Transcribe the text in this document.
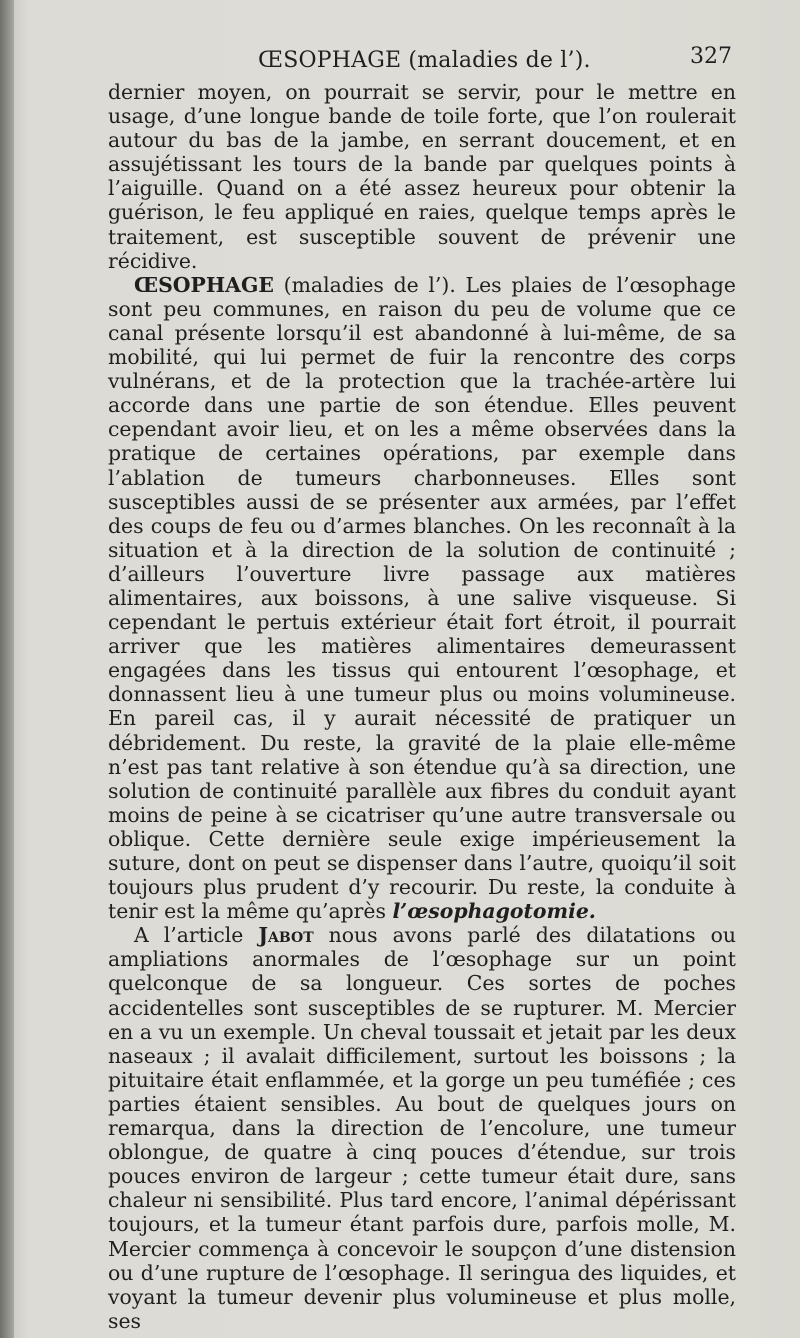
ŒSOPHAGE (maladies de l’).	327

dernier moyen, on pourrait se servir, pour le mettre en usage, d’une longue bande de toile forte, que l’on roulerait autour du bas de la jambe, en serrant doucement, et en assujétissant les tours de la bande par quelques points à l’aiguille. Quand on a été assez heureux pour obtenir la guérison, le feu appliqué en raies, quelque temps après le traitement, est susceptible souvent de prévenir une récidive.

ŒSOPHAGE (maladies de l’). Les plaies de l’œsophage sont peu communes, en raison du peu de volume que ce canal présente lorsqu’il est abandonné à lui-même, de sa mobilité, qui lui permet de fuir la rencontre des corps vulnérans, et de la protection que la trachée-artère lui accorde dans une partie de son étendue. Elles peuvent cependant avoir lieu, et on les a même observées dans la pratique de certaines opérations, par exemple dans l’ablation de tumeurs charbonneuses. Elles sont susceptibles aussi de se présenter aux armées, par l’effet des coups de feu ou d’armes blanches. On les reconnaît à la situation et à la direction de la solution de continuité ; d’ailleurs l’ouverture livre passage aux matières alimentaires, aux boissons, à une salive visqueuse. Si cependant le pertuis extérieur était fort étroit, il pourrait arriver que les matières alimentaires demeurassent engagées dans les tissus qui entourent l’œsophage, et donnassent lieu à une tumeur plus ou moins volumineuse. En pareil cas, il y aurait nécessité de pratiquer un débridement. Du reste, la gravité de la plaie elle-même n’est pas tant relative à son étendue qu’à sa direction, une solution de continuité parallèle aux fibres du conduit ayant moins de peine à se cicatriser qu’une autre transversale ou oblique. Cette dernière seule exige impérieusement la suture, dont on peut se dispenser dans l’autre, quoiqu’il soit toujours plus prudent d’y recourir. Du reste, la conduite à tenir est la même qu’après l’œsophagotomie.

A l’article Jabot nous avons parlé des dilatations ou ampliations anormales de l’œsophage sur un point quelconque de sa longueur. Ces sortes de poches accidentelles sont susceptibles de se rupturer. M. Mercier en a vu un exemple. Un cheval toussait et jetait par les deux naseaux ; il avalait difficilement, surtout les boissons ; la pituitaire était enflammée, et la gorge un peu tuméfiée ; ces parties étaient sensibles. Au bout de quelques jours on remarqua, dans la direction de l’encolure, une tumeur oblongue, de quatre à cinq pouces d’étendue, sur trois pouces environ de largeur ; cette tumeur était dure, sans chaleur ni sensibilité. Plus tard encore, l’animal dépérissant toujours, et la tumeur étant parfois dure, parfois molle, M. Mercier commença à concevoir le soupçon d’une distension ou d’une rupture de l’œsophage. Il seringua des liquides, et voyant la tumeur devenir plus volumineuse et plus molle, ses
